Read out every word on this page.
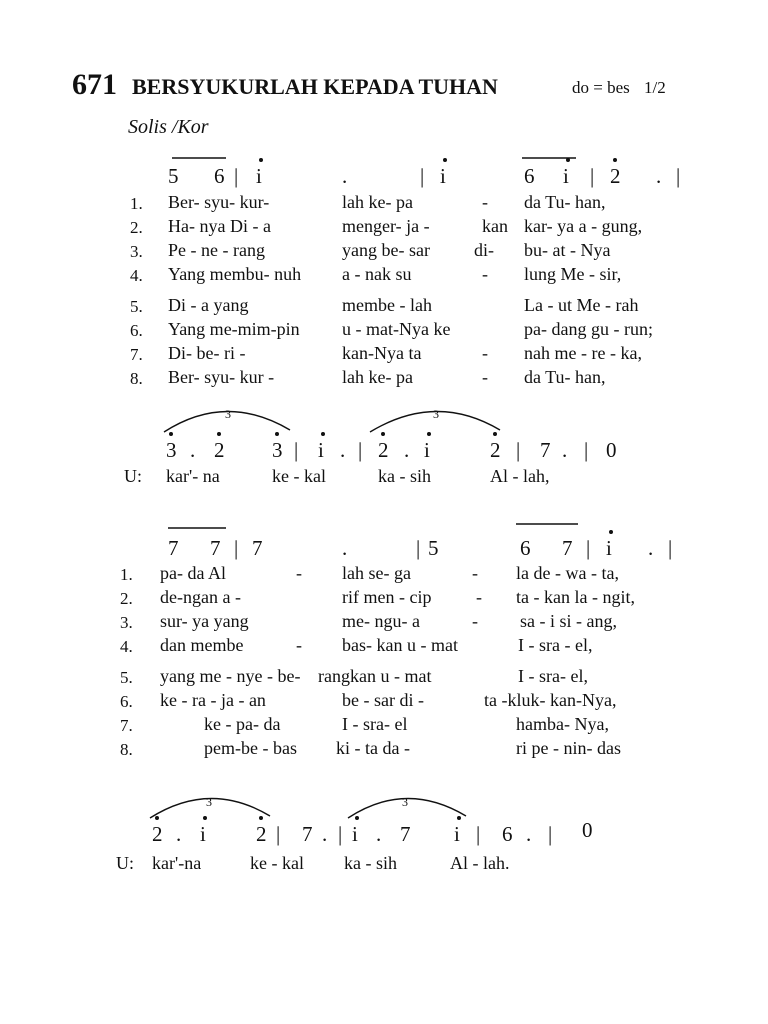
671 BERSYUKURLAH KEPADA TUHAN	do = bes 1/2
Solis /Kor
5 6 | i	.	| i	6 i | 2 . |
1. Ber- syu- kur-	lah ke- pa	- da Tu- han,
2. Ha- nya Di - a	menger- ja -	kan kar- ya a - gung,
3. Pe - ne - rang	yang be- sar di- bu- at - Nya
4. Yang membu- nuh a - nak su	- lung Me - sir,
5. Di - a yang	membe - lah	La - ut Me - rah
6. Yang me-mim-pin u - mat-Nya ke	pa- dang gu - run;
7. Di- be- ri -	kan-Nya ta	- nah me - re - ka,
8. Ber- syu- kur -	lah ke- pa	- da Tu- han,
3 . 2 3 | i . | 2 . i	2 | 7 . | 0
3	3
U: kar'- na	ke - kal	ka - sih	Al - lah,
7 7 | 7	.	| 5	6 7 | i . |
1. pa- da Al	- lah se- ga	- la de - wa - ta,
2. de-ngan a -	rif men - cip - ta - kan la - ngit,
3. sur- ya yang	me- ngu- a	- sa - i si - ang,
4. dan membe	- bas- kan u - mat	I - sra - el,
5. yang me - nye - be- rangkan u - mat	I - sra- el,
6. ke - ra - ja - an	be - sar di -	ta -kluk- kan-Nya,
7.	ke - pa- da	I - sra- el	hamba- Nya,
8.	pem-be - bas ki - ta da -	ri pe - nin- das
2 . i 2 | 7 . | i . 7 i | 6 . | 0
3	3
U: kar'-na	ke - kal ka - sih	Al - lah.
